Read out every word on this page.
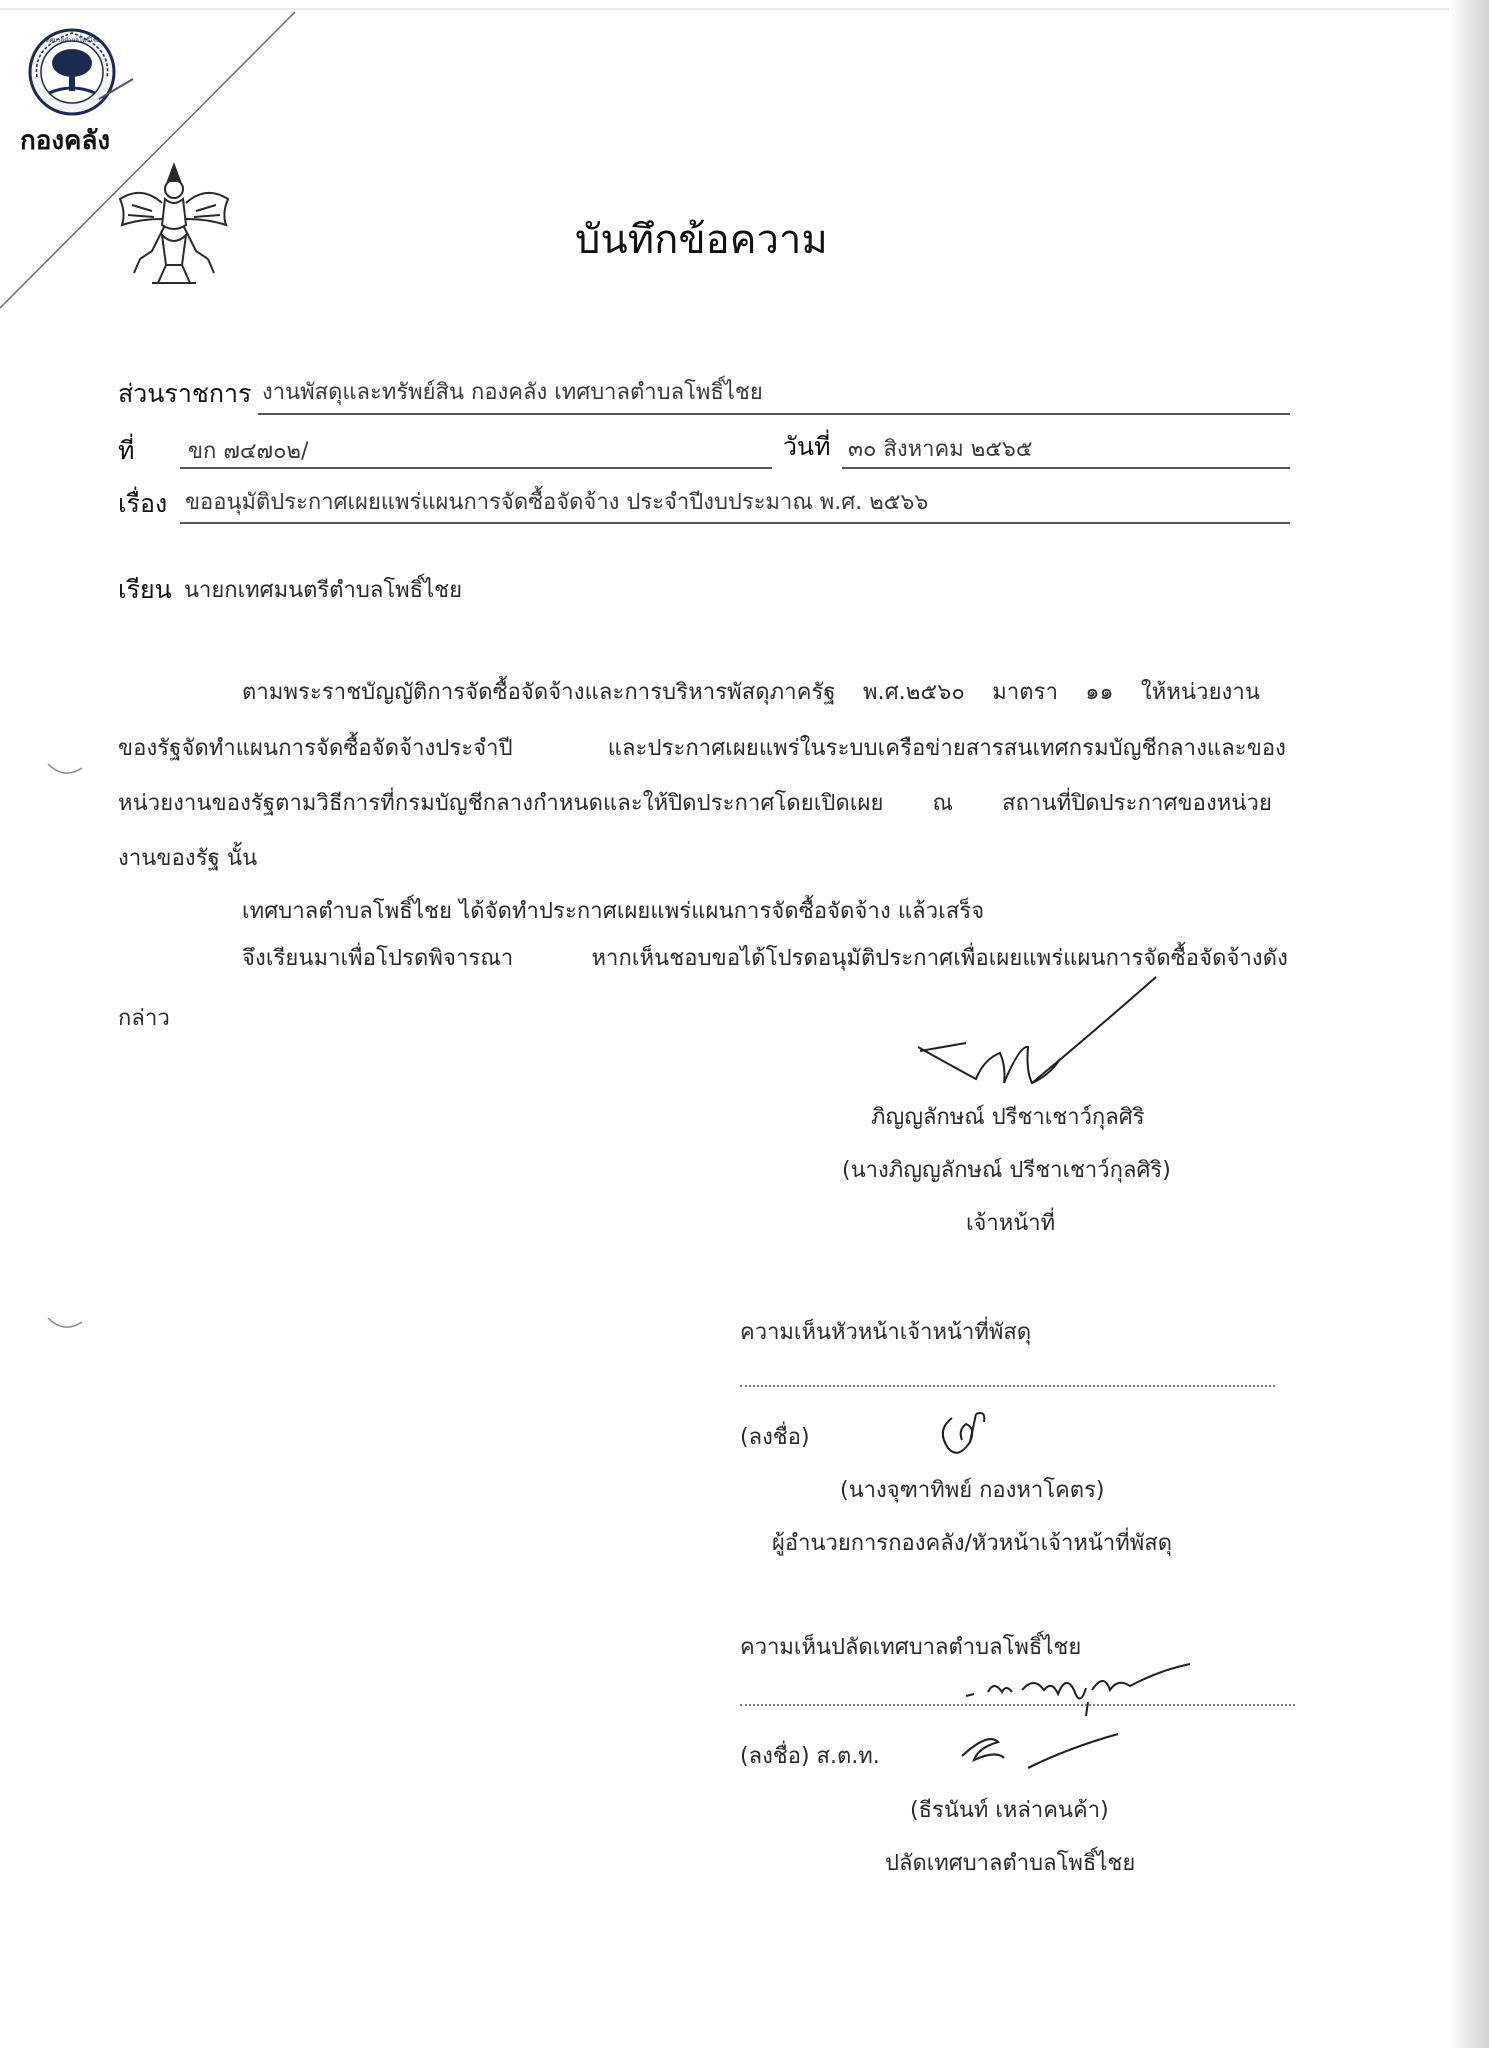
เทศบาลตำบลโพธิ์ไชย
กองคลัง
บันทึกข้อความ
ส่วนราชการ งานพัสดุและทรัพย์สิน กองคลัง เทศบาลตำบลโพธิ์ไชย
ที่ ขก ๗๔๗๐๒/	วันที่ ๓๐ สิงหาคม ๒๕๖๕
เรื่อง ขออนุมัติประกาศเผยแพร่แผนการจัดซื้อจัดจ้าง ประจำปีงบประมาณ พ.ศ. ๒๕๖๖
เรียน นายกเทศมนตรีตำบลโพธิ์ไชย
ตามพระราชบัญญัติการจัดซื้อจัดจ้างและการบริหารพัสดุภาครัฐ พ.ศ.๒๕๖๐ มาตรา ๑๑ ให้หน่วยงาน
ของรัฐจัดทำแผนการจัดซื้อจัดจ้างประจำปี และประกาศเผยแพร่ในระบบเครือข่ายสารสนเทศกรมบัญชีกลางและของ
หน่วยงานของรัฐตามวิธีการที่กรมบัญชีกลางกำหนดและให้ปิดประกาศโดยเปิดเผย ณ สถานที่ปิดประกาศของหน่วย
งานของรัฐ นั้น
เทศบาลตำบลโพธิ์ไชย ได้จัดทำประกาศเผยแพร่แผนการจัดซื้อจัดจ้าง แล้วเสร็จ
จึงเรียนมาเพื่อโปรดพิจารณา หากเห็นชอบขอได้โปรดอนุมัติประกาศเพื่อเผยแพร่แผนการจัดซื้อจัดจ้างดัง
กล่าว
ภิญญลักษณ์ ปรีชาเชาว์กุลศิริ
(นางภิญญลักษณ์ ปรีชาเชาว์กุลศิริ)
เจ้าหน้าที่
ความเห็นหัวหน้าเจ้าหน้าที่พัสดุ
(ลงชื่อ)
(นางจุฑาทิพย์ กองหาโคตร)
ผู้อำนวยการกองคลัง/หัวหน้าเจ้าหน้าที่พัสดุ
ความเห็นปลัดเทศบาลตำบลโพธิ์ไชย
(ลงชื่อ) ส.ต.ท.
(ธีรนันท์ เหล่าคนค้า)
ปลัดเทศบาลตำบลโพธิ์ไชย
